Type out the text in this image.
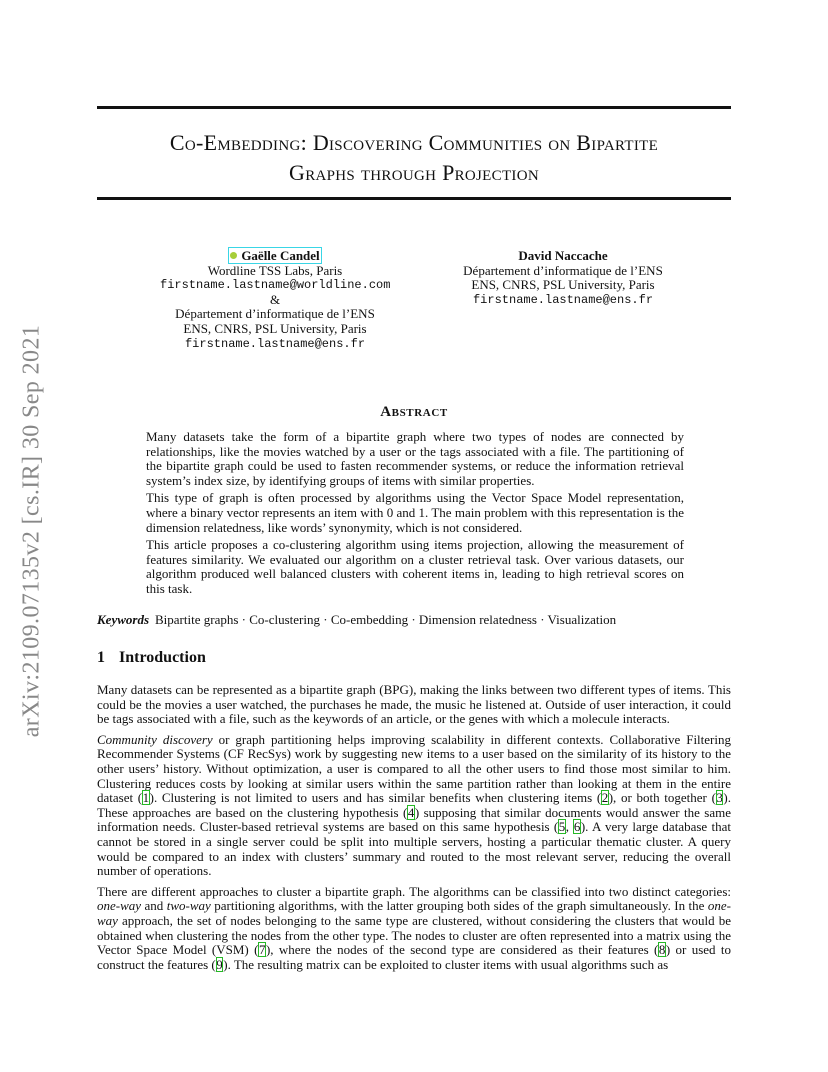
Co-Embedding: Discovering Communities on Bipartite
Graphs through Projection
arXiv:2109.07135v2 [cs.IR] 30 Sep 2021
Gaëlle Candel
Wordline TSS Labs, Paris
firstname.lastname@worldline.com
&
Département d’informatique de l’ENS
ENS, CNRS, PSL University, Paris
firstname.lastname@ens.fr
David Naccache
Département d’informatique de l’ENS
ENS, CNRS, PSL University, Paris
firstname.lastname@ens.fr
Abstract

Many datasets take the form of a bipartite graph where two types of nodes are connected by relationships, like the movies watched by a user or the tags associated with a file. The partitioning of the bipartite graph could be used to fasten recommender systems, or reduce the information retrieval system’s index size, by identifying groups of items with similar properties.

This type of graph is often processed by algorithms using the Vector Space Model representation, where a binary vector represents an item with 0 and 1. The main problem with this representation is the dimension relatedness, like words’ synonymity, which is not considered.

This article proposes a co-clustering algorithm using items projection, allowing the measurement of features similarity. We evaluated our algorithm on a cluster retrieval task. Over various datasets, our algorithm produced well balanced clusters with coherent items in, leading to high retrieval scores on this task.

Keywords Bipartite graphs · Co-clustering · Co-embedding · Dimension relatedness · Visualization
1 Introduction

Many datasets can be represented as a bipartite graph (BPG), making the links between two different types of items. This could be the movies a user watched, the purchases he made, the music he listened at. Outside of user interaction, it could be tags associated with a file, such as the keywords of an article, or the genes with which a molecule interacts.

Community discovery or graph partitioning helps improving scalability in different contexts. Collaborative Filtering Recommender Systems (CF RecSys) work by suggesting new items to a user based on the similarity of its history to the other users’ history. Without optimization, a user is compared to all the other users to find those most similar to him. Clustering reduces costs by looking at similar users within the same partition rather than looking at them in the entire dataset (1). Clustering is not limited to users and has similar benefits when clustering items (2), or both together (3). These approaches are based on the clustering hypothesis (4) supposing that similar documents would answer the same information needs. Cluster-based retrieval systems are based on this same hypothesis (5, 6). A very large database that cannot be stored in a single server could be split into multiple servers, hosting a particular thematic cluster. A query would be compared to an index with clusters’ summary and routed to the most relevant server, reducing the overall number of operations.

There are different approaches to cluster a bipartite graph. The algorithms can be classified into two distinct categories: one-way and two-way partitioning algorithms, with the latter grouping both sides of the graph simultaneously. In the one-way approach, the set of nodes belonging to the same type are clustered, without considering the clusters that would be obtained when clustering the nodes from the other type. The nodes to cluster are often represented into a matrix using the Vector Space Model (VSM) (7), where the nodes of the second type are considered as their features (8) or used to construct the features (9). The resulting matrix can be exploited to cluster items with usual algorithms such as
